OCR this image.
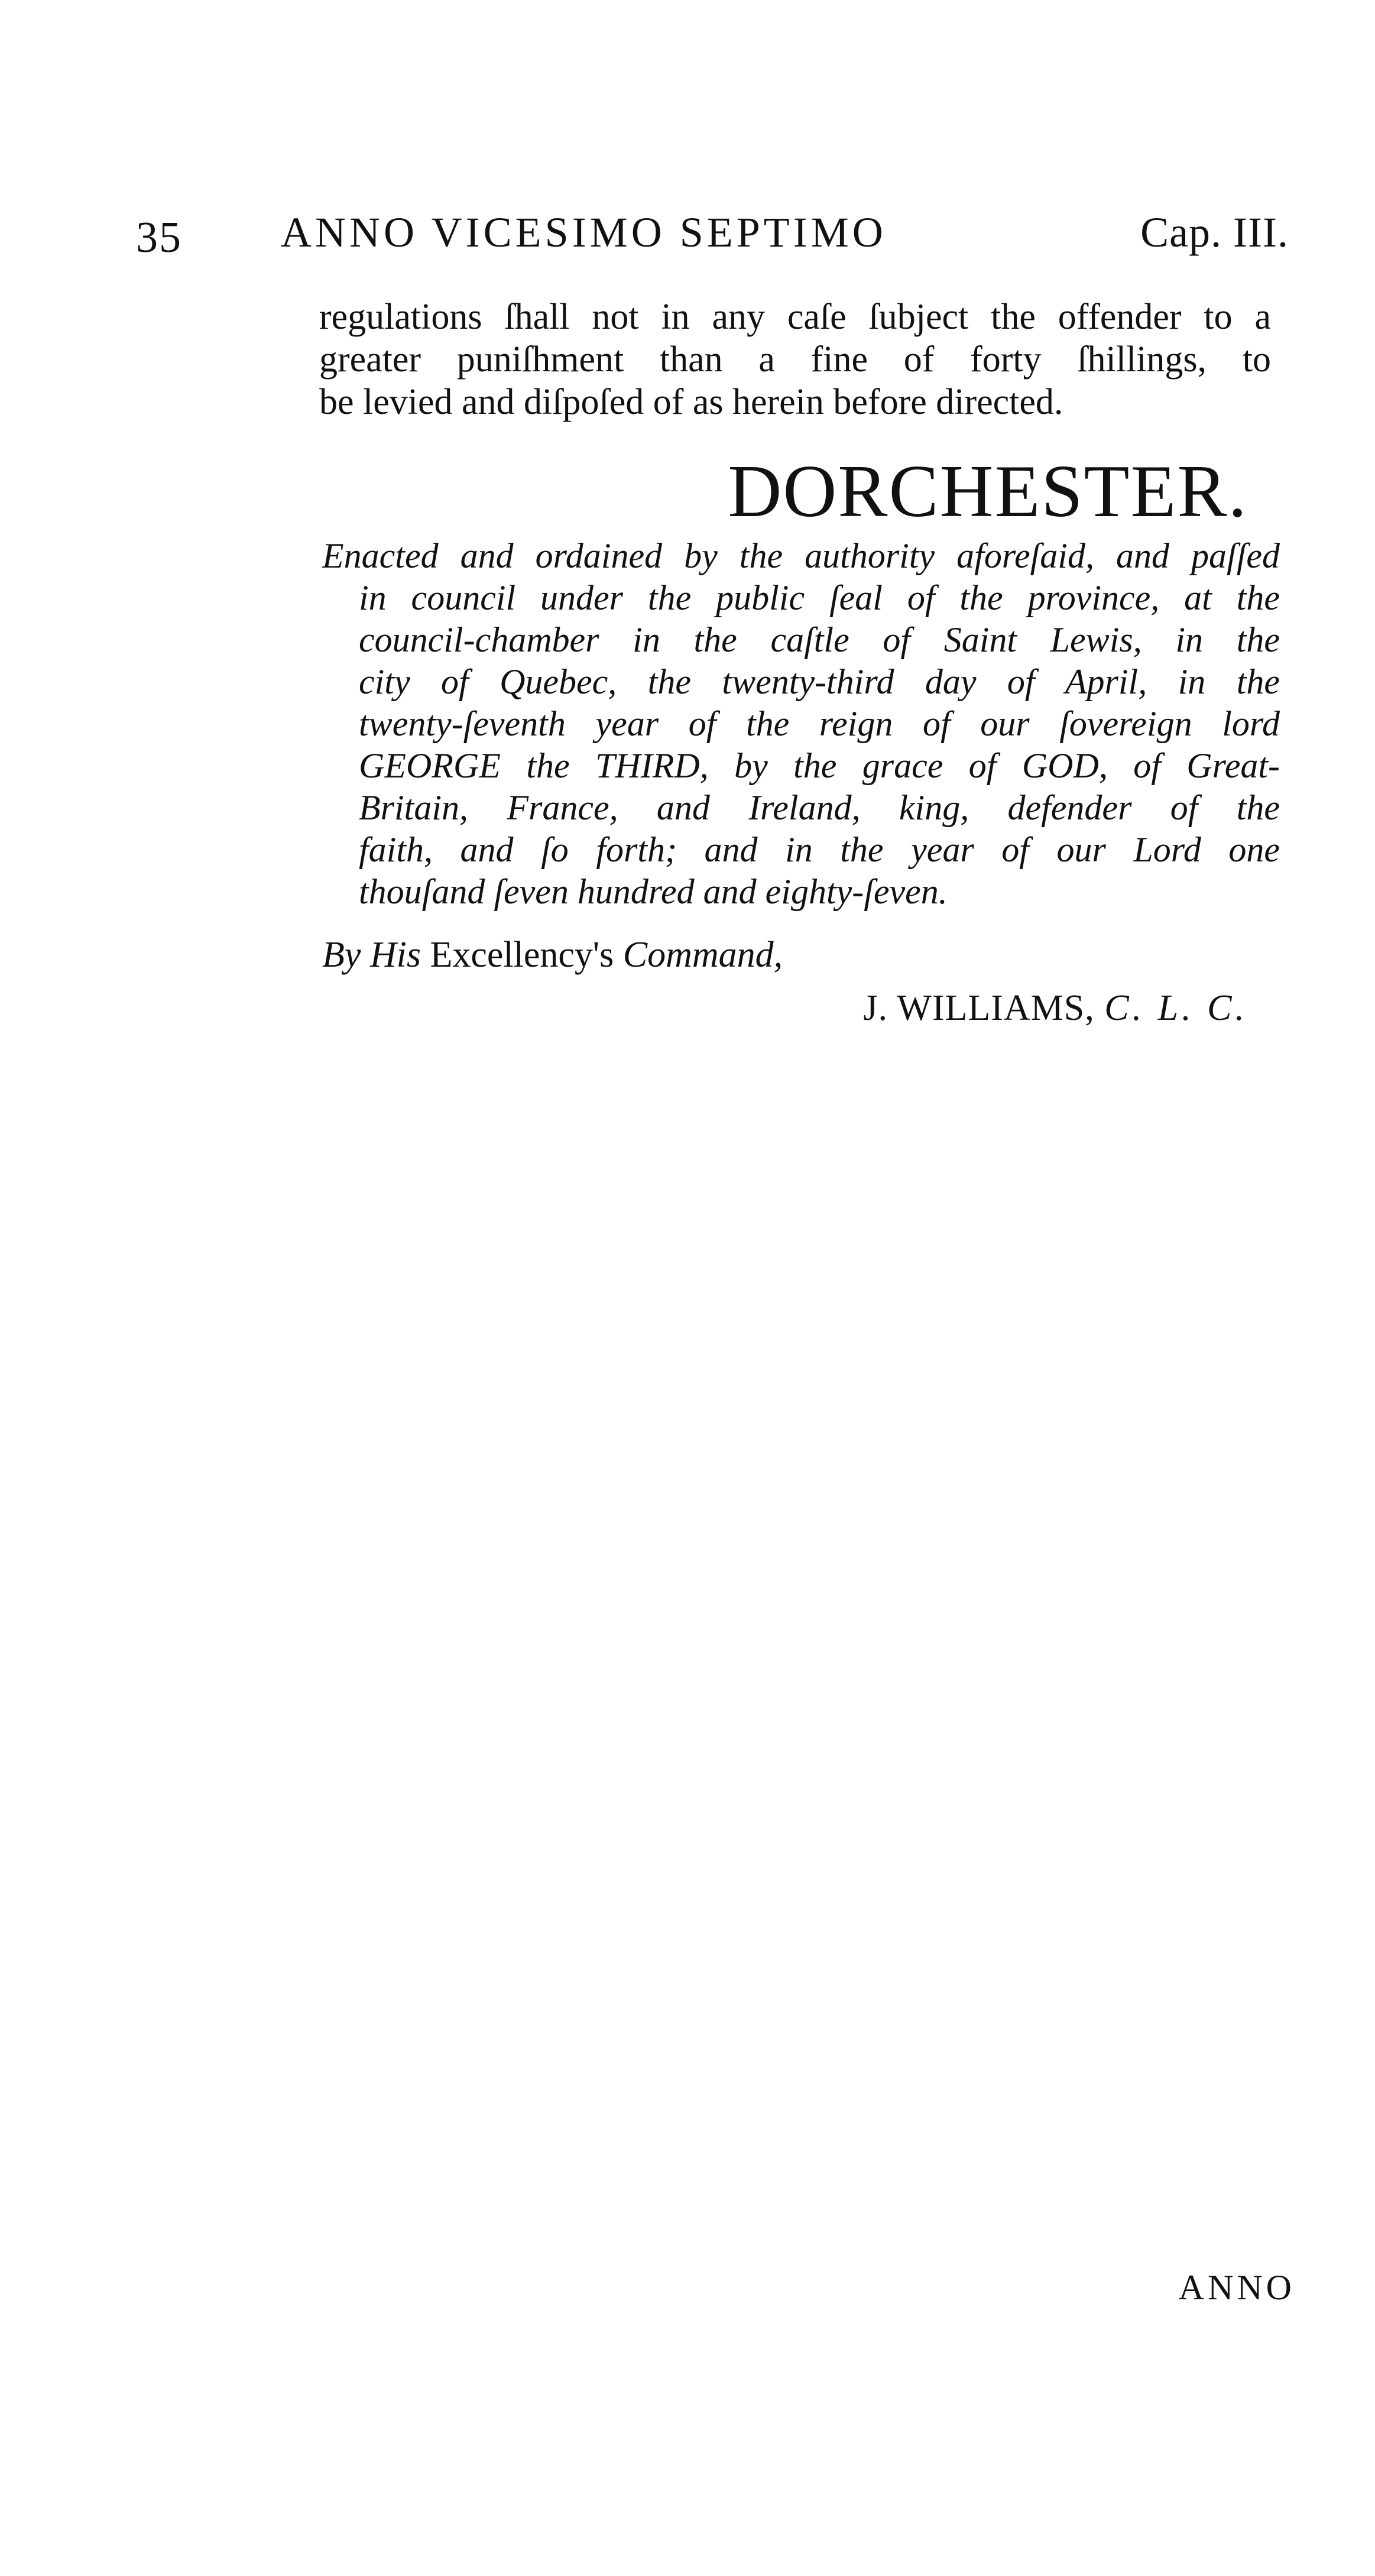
35 ANNO VICESIMO SEPTIMO	Cap. III.
regulations ſhall not in any caſe ſubject the offender to a
greater puniſhment than a fine of forty ſhillings, to
be levied and diſpoſed of as herein before directed.
DORCHESTER.
Enacted and ordained by the authority aforeſaid, and paſſed
in council under the public ſeal of the province, at the
council-chamber in the caſtle of Saint Lewis, in the
city of Quebec, the twenty-third day of April, in the
twenty-ſeventh year of the reign of our ſovereign lord
GEORGE the THIRD, by the grace of GOD, of Great-
Britain, France, and Ireland, king, defender of the
faith, and ſo forth; and in the year of our Lord one
thouſand ſeven hundred and eighty-ſeven.
By His Excellency's Command,
J. WILLIAMS, C. L. C.
ANNO
